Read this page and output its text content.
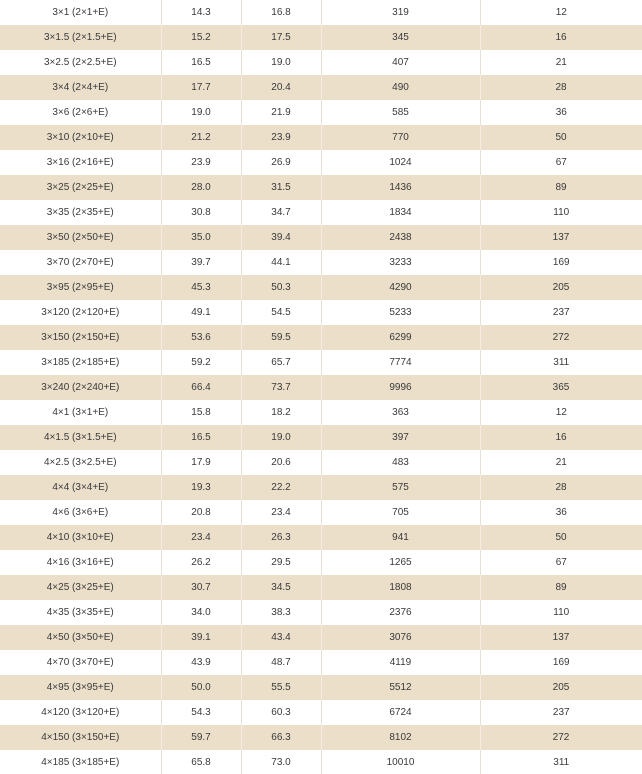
3×1 (2×1+E)	14.3	16.8	319	12
3×1.5 (2×1.5+E)	15.2	17.5	345	16
3×2.5 (2×2.5+E)	16.5	19.0	407	21
3×4 (2×4+E)	17.7	20.4	490	28
3×6 (2×6+E)	19.0	21.9	585	36
3×10 (2×10+E)	21.2	23.9	770	50
3×16 (2×16+E)	23.9	26.9	1024	67
3×25 (2×25+E)	28.0	31.5	1436	89
3×35 (2×35+E)	30.8	34.7	1834	110
3×50 (2×50+E)	35.0	39.4	2438	137
3×70 (2×70+E)	39.7	44.1	3233	169
3×95 (2×95+E)	45.3	50.3	4290	205
3×120 (2×120+E)	49.1	54.5	5233	237
3×150 (2×150+E)	53.6	59.5	6299	272
3×185 (2×185+E)	59.2	65.7	7774	311
3×240 (2×240+E)	66.4	73.7	9996	365
4×1 (3×1+E)	15.8	18.2	363	12
4×1.5 (3×1.5+E)	16.5	19.0	397	16
4×2.5 (3×2.5+E)	17.9	20.6	483	21
4×4 (3×4+E)	19.3	22.2	575	28
4×6 (3×6+E)	20.8	23.4	705	36
4×10 (3×10+E)	23.4	26.3	941	50
4×16 (3×16+E)	26.2	29.5	1265	67
4×25 (3×25+E)	30.7	34.5	1808	89
4×35 (3×35+E)	34.0	38.3	2376	110
4×50 (3×50+E)	39.1	43.4	3076	137
4×70 (3×70+E)	43.9	48.7	4119	169
4×95 (3×95+E)	50.0	55.5	5512	205
4×120 (3×120+E)	54.3	60.3	6724	237
4×150 (3×150+E)	59.7	66.3	8102	272
4×185 (3×185+E)	65.8	73.0	10010	311
